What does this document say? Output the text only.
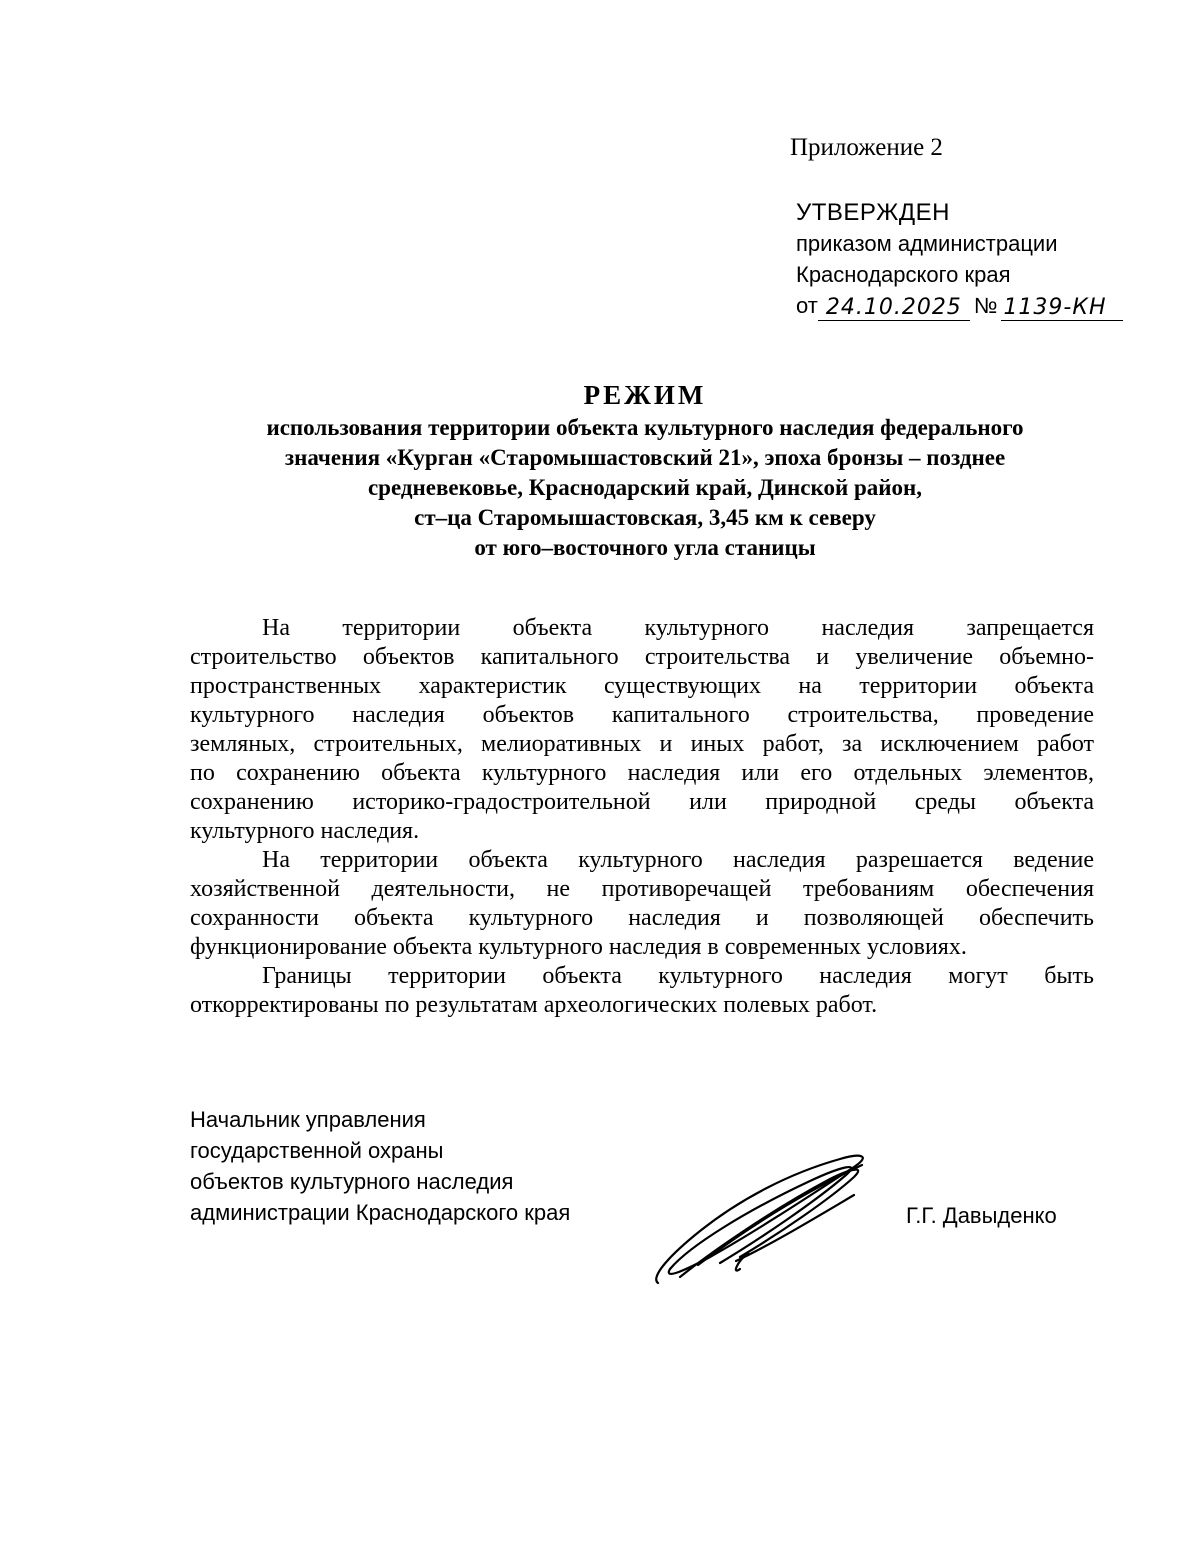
Приложение 2
УТВЕРЖДЕН
приказом администрации
Краснодарского края
от 24.10.2025 № 1139-КН
РЕЖИМ
использования территории объекта культурного наследия федерального
значения «Курган «Старомышастовский 21», эпоха бронзы – позднее
средневековье, Краснодарский край, Динской район,
ст–ца Старомышастовская, 3,45 км к северу
от юго–восточного угла станицы
На территории объекта культурного наследия запрещается
строительство объектов капитального строительства и увеличение объемно-
пространственных характеристик существующих на территории объекта
культурного наследия объектов капитального строительства, проведение
земляных, строительных, мелиоративных и иных работ, за исключением работ
по сохранению объекта культурного наследия или его отдельных элементов,
сохранению историко-градостроительной или природной среды объекта
культурного наследия.
На территории объекта культурного наследия разрешается ведение
хозяйственной деятельности, не противоречащей требованиям обеспечения
сохранности объекта культурного наследия и позволяющей обеспечить
функционирование объекта культурного наследия в современных условиях.
Границы территории объекта культурного наследия могут быть
откорректированы по результатам археологических полевых работ.
Начальник управления
государственной охраны
объектов культурного наследия
администрации Краснодарского края	Г.Г. Давыденко
